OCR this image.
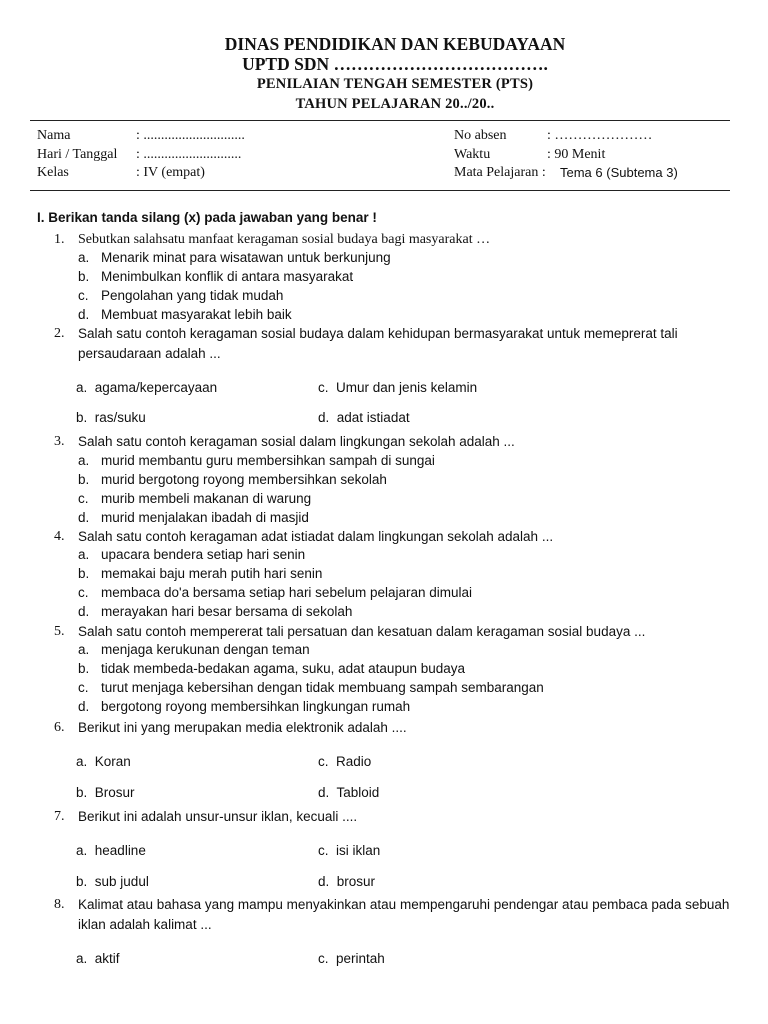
DINAS PENDIDIKAN DAN KEBUDAYAAN
UPTD SDN ……………………………….
PENILAIAN TENGAH SEMESTER (PTS)
TAHUN PELAJARAN 20../20..
Nama	: .............................	No absen	: …………………
Hari / Tanggal : ............................	Waktu	: 90 Menit
Kelas	: IV (empat)	Mata Pelajaran : Tema 6 (Subtema 3)
I. Berikan tanda silang (x) pada jawaban yang benar !
1. Sebutkan salahsatu manfaat keragaman sosial budaya bagi masyarakat …
a. Menarik minat para wisatawan untuk berkunjung
b. Menimbulkan konflik di antara masyarakat
c. Pengolahan yang tidak mudah
d. Membuat masyarakat lebih baik
2. Salah satu contoh keragaman sosial budaya dalam kehidupan bermasyarakat untuk memeprerat tali persaudaraan adalah ...
a. agama/kepercayaan	c. Umur dan jenis kelamin
b. ras/suku	d. adat istiadat
3. Salah satu contoh keragaman sosial dalam lingkungan sekolah adalah ...
a. murid membantu guru membersihkan sampah di sungai
b. murid bergotong royong membersihkan sekolah
c. murib membeli makanan di warung
d. murid menjalakan ibadah di masjid
4. Salah satu contoh keragaman adat istiadat dalam lingkungan sekolah adalah ...
a. upacara bendera setiap hari senin
b. memakai baju merah putih hari senin
c. membaca do'a bersama setiap hari sebelum pelajaran dimulai
d. merayakan hari besar bersama di sekolah
5. Salah satu contoh mempererat tali persatuan dan kesatuan dalam keragaman sosial budaya ...
a. menjaga kerukunan dengan teman
b. tidak membeda-bedakan agama, suku, adat ataupun budaya
c. turut menjaga kebersihan dengan tidak membuang sampah sembarangan
d. bergotong royong membersihkan lingkungan rumah
6. Berikut ini yang merupakan media elektronik adalah ....
a. Koran	c. Radio
b. Brosur	d. Tabloid
7. Berikut ini adalah unsur-unsur iklan, kecuali ....
a. headline	c. isi iklan
b. sub judul	d. brosur
8. Kalimat atau bahasa yang mampu menyakinkan atau mempengaruhi pendengar atau pembaca pada sebuah iklan adalah kalimat ...
a. aktif	c. perintah
